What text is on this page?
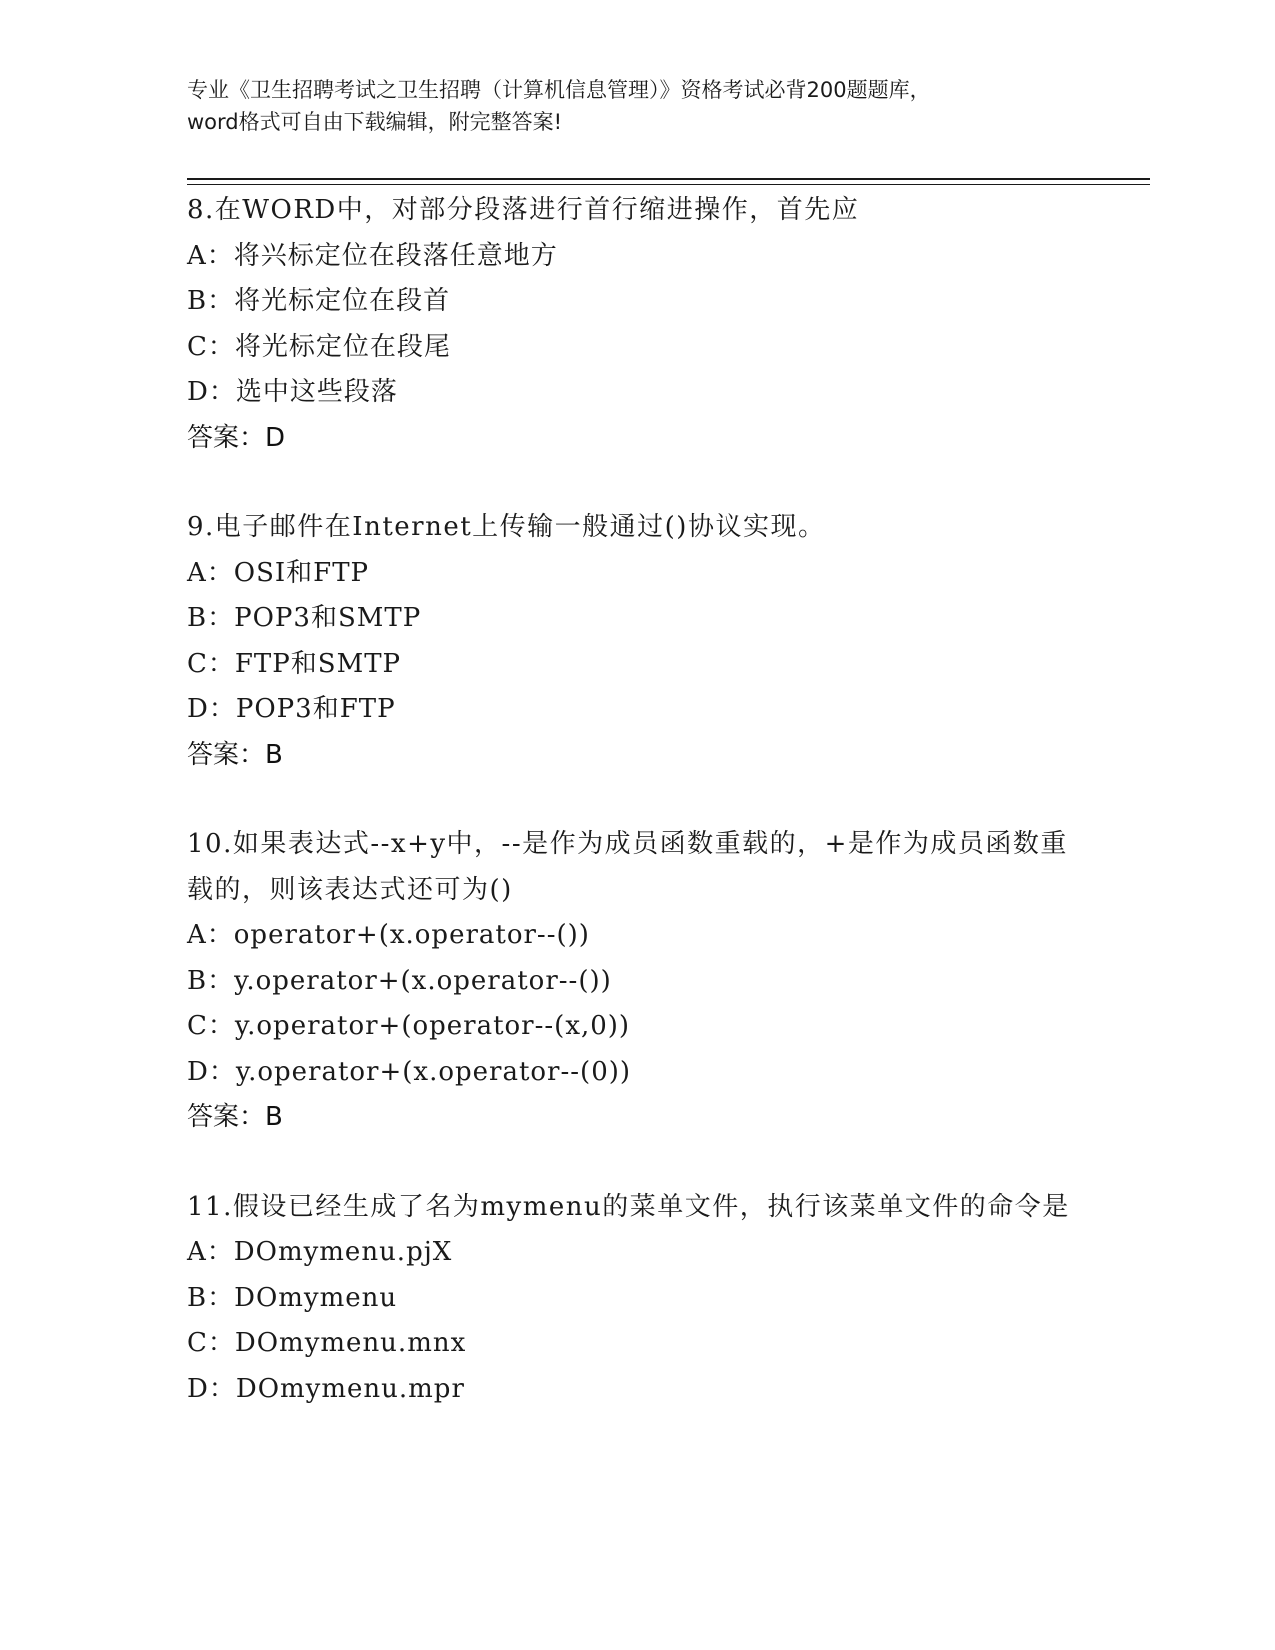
专业《卫生招聘考试之卫生招聘（计算机信息管理）》资格考试必背200题题库，
word格式可自由下载编辑，附完整答案!
8.在WORD中，对部分段落进行首行缩进操作，首先应
A：将兴标定位在段落任意地方
B：将光标定位在段首
C：将光标定位在段尾
D：选中这些段落
答案：D
9.电子邮件在Internet上传输一般通过()协议实现。
A：OSI和FTP
B：POP3和SMTP
C：FTP和SMTP
D：POP3和FTP
答案：B
10.如果表达式--x+y中，--是作为成员函数重载的，+是作为成员函数重载的，则该表达式还可为()
A：operator+(x.operator--())
B：y.operator+(x.operator--())
C：y.operator+(operator--(x,0))
D：y.operator+(x.operator--(0))
答案：B
11.假设已经生成了名为mymenu的菜单文件，执行该菜单文件的命令是
A：DOmymenu.pjX
B：DOmymenu
C：DOmymenu.mnx
D：DOmymenu.mpr
